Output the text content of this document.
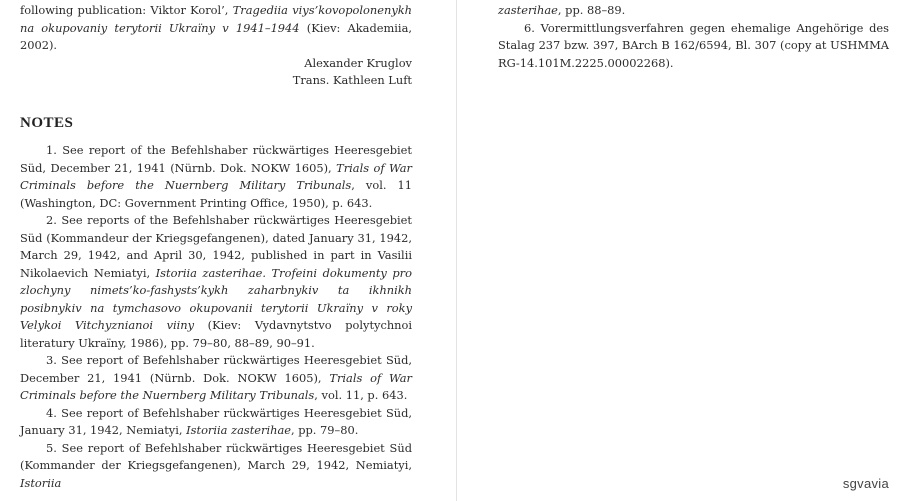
following publication: Viktor Korol’, Tragediia viys’kovopolonenykh na okupovaniy terytorii Ukraïny v 1941–1944 (Kiev: Akademiia, 2002).

Alexander Kruglov
Trans. Kathleen Luft
NOTES

1. See report of the Befehlshaber rückwärtiges Heeresgebiet Süd, December 21, 1941 (Nürnb. Dok. NOKW 1605), Trials of War Criminals before the Nuernberg Military Tribunals, vol. 11 (Washington, DC: Government Printing Office, 1950), p. 643.

2. See reports of the Befehlshaber rückwärtiges Heeresgebiet Süd (Kommandeur der Kriegsgefangenen), dated January 31, 1942, March 29, 1942, and April 30, 1942, published in part in Vasilii Nikolaevich Nemiatyi, Istoriia zasterihae. Trofeini dokumenty pro zlochyny nimets’ko-fashysts’kykh zaharbnykiv ta ikhnikh posibnykiv na tymchasovo okupovanii terytorii Ukraïny v roky Velykoi Vitchyznianoi viiny (Kiev: Vydavnytstvo polytychnoi literatury Ukraïny, 1986), pp. 79–80, 88–89, 90–91.

3. See report of Befehlshaber rückwärtiges Heeresgebiet Süd, December 21, 1941 (Nürnb. Dok. NOKW 1605), Trials of War Criminals before the Nuernberg Military Tribunals, vol. 11, p. 643.

4. See report of Befehlshaber rückwärtiges Heeresgebiet Süd, January 31, 1942, Nemiatyi, Istoriia zasterihae, pp. 79–80.

5. See report of Befehlshaber rückwärtiges Heeresgebiet Süd (Kommander der Kriegsgefangenen), March 29, 1942, Nemiatyi, Istoriia

zasterihae, pp. 88–89.

6. Vorermittlungsverfahren gegen ehemalige Angehörige des Stalag 237 bzw. 397, BArch B 162/6594, Bl. 307 (copy at USHMMA RG-14.101M.2225.00002268).

sgvavia
